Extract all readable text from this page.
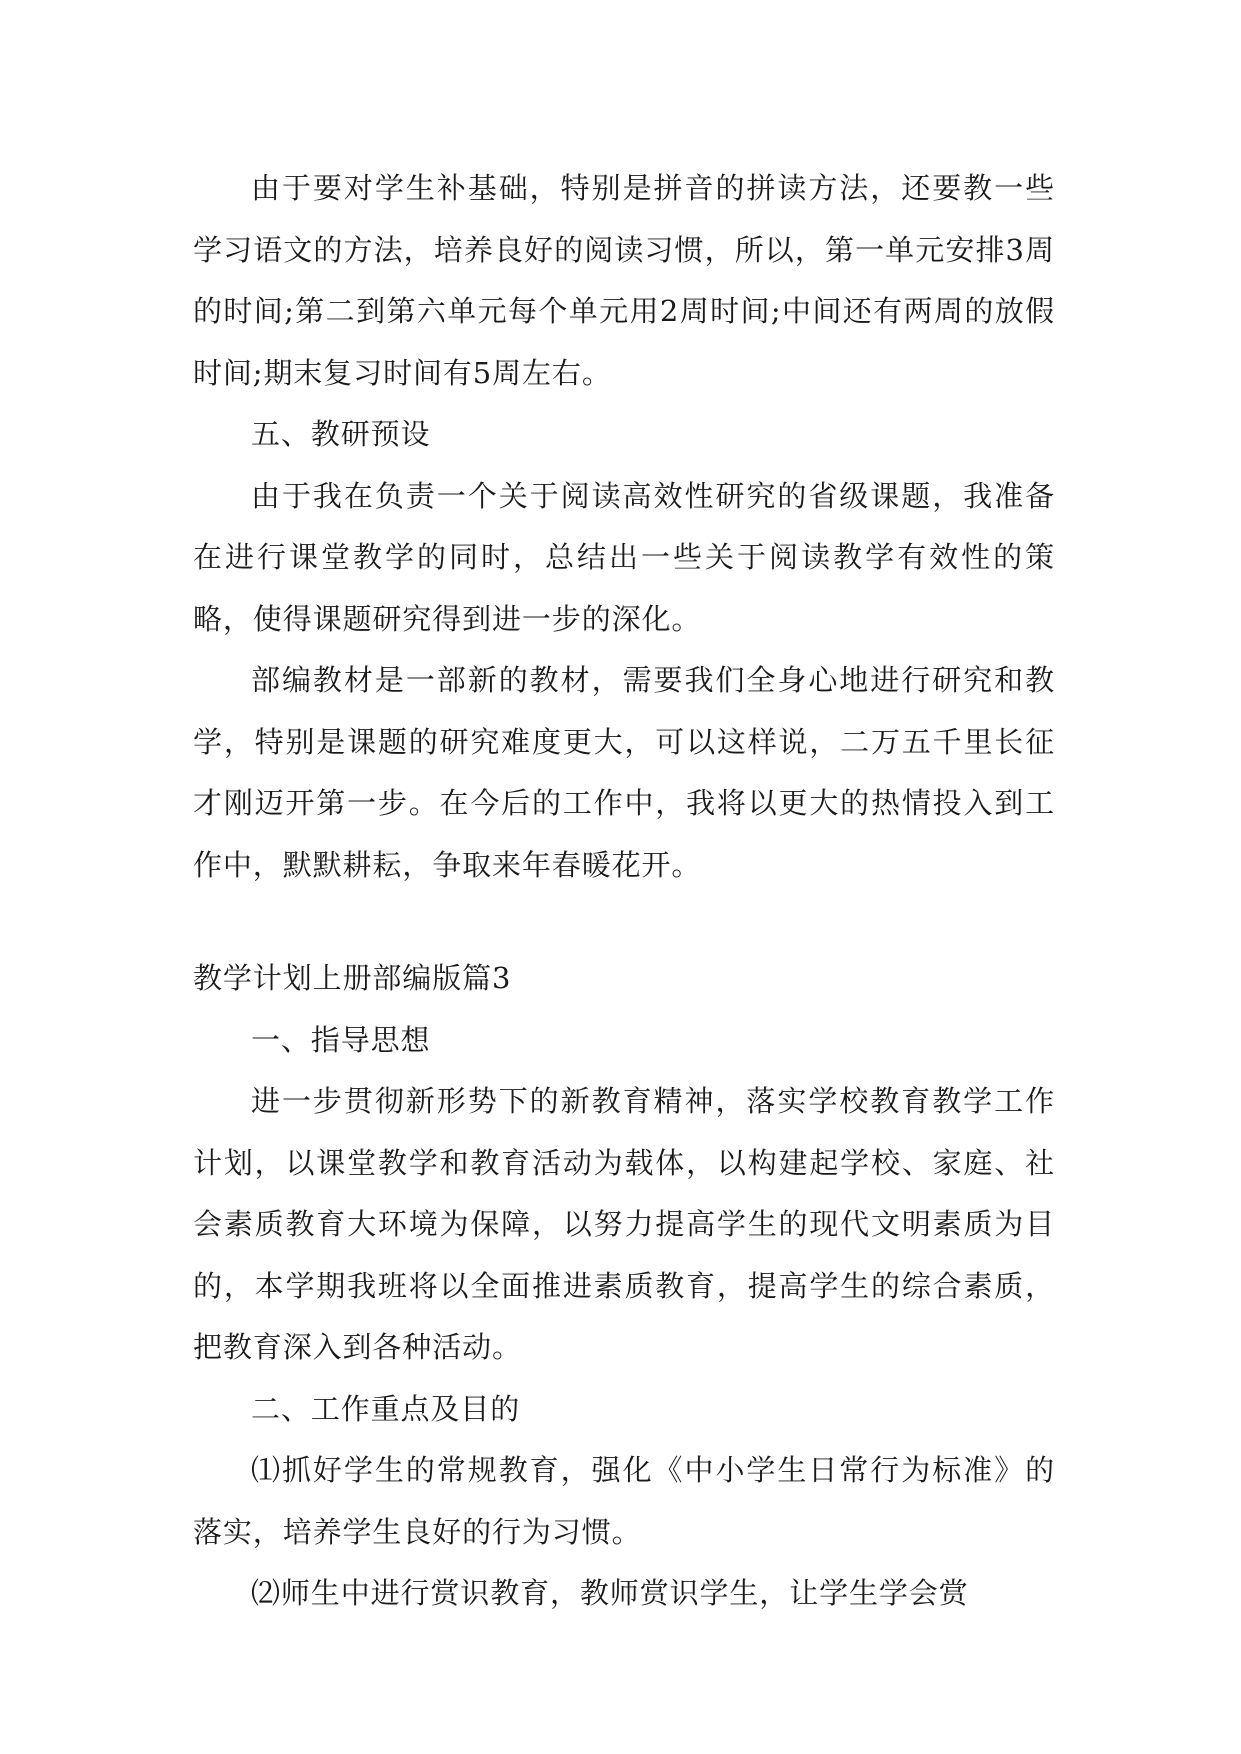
由于要对学生补基础，特别是拼音的拼读方法，还要教一些学习语文的方法，培养良好的阅读习惯，所以，第一单元安排3周的时间;第二到第六单元每个单元用2周时间;中间还有两周的放假时间;期末复习时间有5周左右。

五、教研预设

由于我在负责一个关于阅读高效性研究的省级课题，我准备在进行课堂教学的同时，总结出一些关于阅读教学有效性的策略，使得课题研究得到进一步的深化。

部编教材是一部新的教材，需要我们全身心地进行研究和教学，特别是课题的研究难度更大，可以这样说，二万五千里长征才刚迈开第一步。在今后的工作中，我将以更大的热情投入到工作中，默默耕耘，争取来年春暖花开。

教学计划上册部编版篇3

一、指导思想

进一步贯彻新形势下的新教育精神，落实学校教育教学工作计划，以课堂教学和教育活动为载体，以构建起学校、家庭、社会素质教育大环境为保障，以努力提高学生的现代文明素质为目的，本学期我班将以全面推进素质教育，提高学生的综合素质，把教育深入到各种活动。

二、工作重点及目的

⑴抓好学生的常规教育，强化《中小学生日常行为标准》的落实，培养学生良好的行为习惯。

⑵师生中进行赏识教育，教师赏识学生，让学生学会赏
